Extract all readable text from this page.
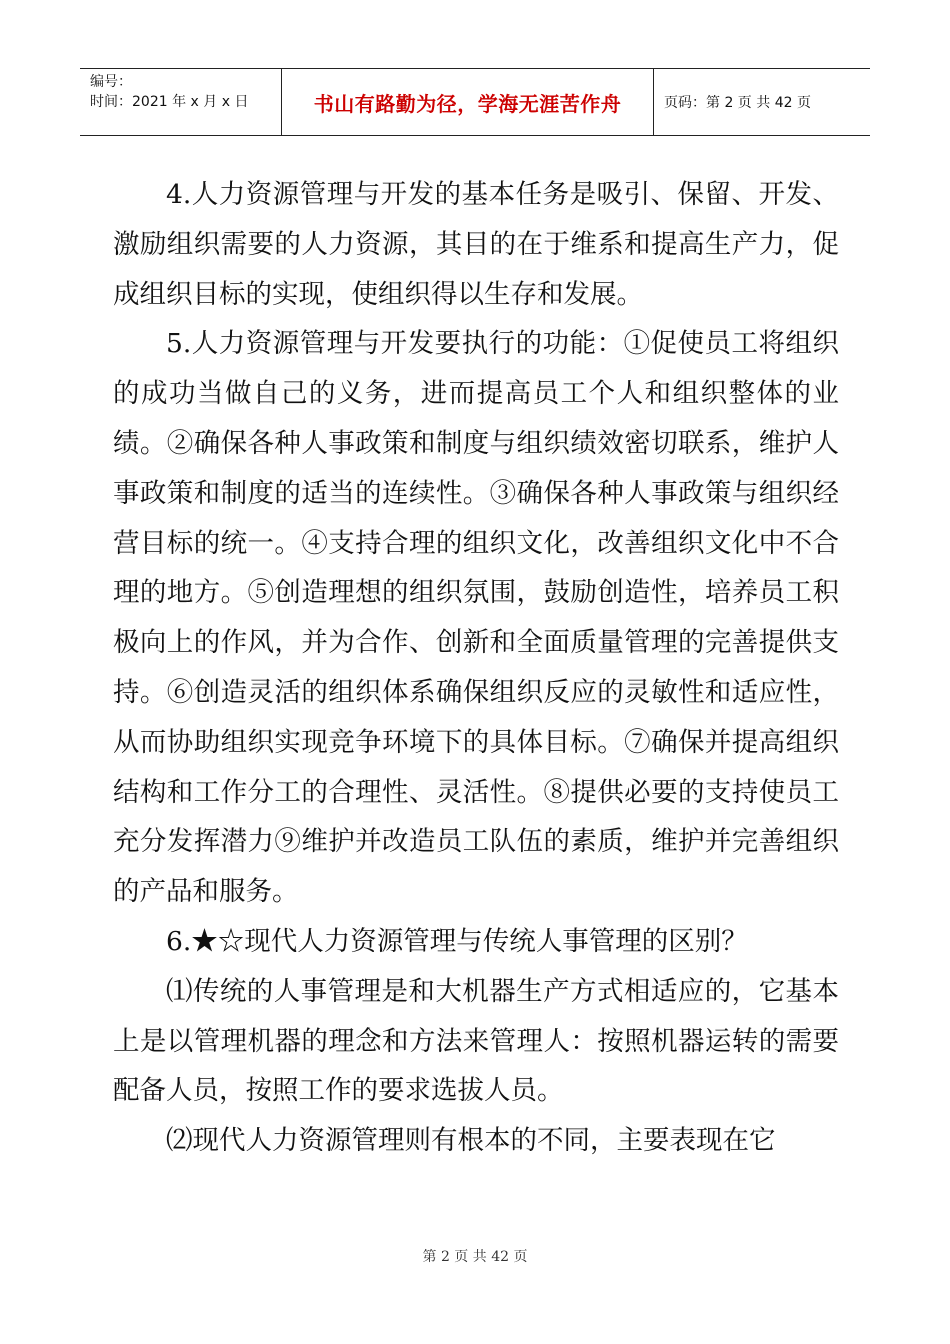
编号：
时间：2021 年 x 月 x 日	书山有路勤为径，学海无涯苦作舟	页码：第 2 页 共 42 页

4.人力资源管理与开发的基本任务是吸引、保留、开发、激励组织需要的人力资源，其目的在于维系和提高生产力，促成组织目标的实现，使组织得以生存和发展。

5.人力资源管理与开发要执行的功能：①促使员工将组织的成功当做自己的义务，进而提高员工个人和组织整体的业绩。②确保各种人事政策和制度与组织绩效密切联系，维护人事政策和制度的适当的连续性。③确保各种人事政策与组织经营目标的统一。④支持合理的组织文化，改善组织文化中不合理的地方。⑤创造理想的组织氛围，鼓励创造性，培养员工积极向上的作风，并为合作、创新和全面质量管理的完善提供支持。⑥创造灵活的组织体系确保组织反应的灵敏性和适应性，从而协助组织实现竞争环境下的具体目标。⑦确保并提高组织结构和工作分工的合理性、灵活性。⑧提供必要的支持使员工充分发挥潜力⑨维护并改造员工队伍的素质，维护并完善组织的产品和服务。

6.★☆现代人力资源管理与传统人事管理的区别？

⑴传统的人事管理是和大机器生产方式相适应的，它基本上是以管理机器的理念和方法来管理人：按照机器运转的需要配备人员，按照工作的要求选拔人员。

⑵现代人力资源管理则有根本的不同，主要表现在它

第 2 页 共 42 页
